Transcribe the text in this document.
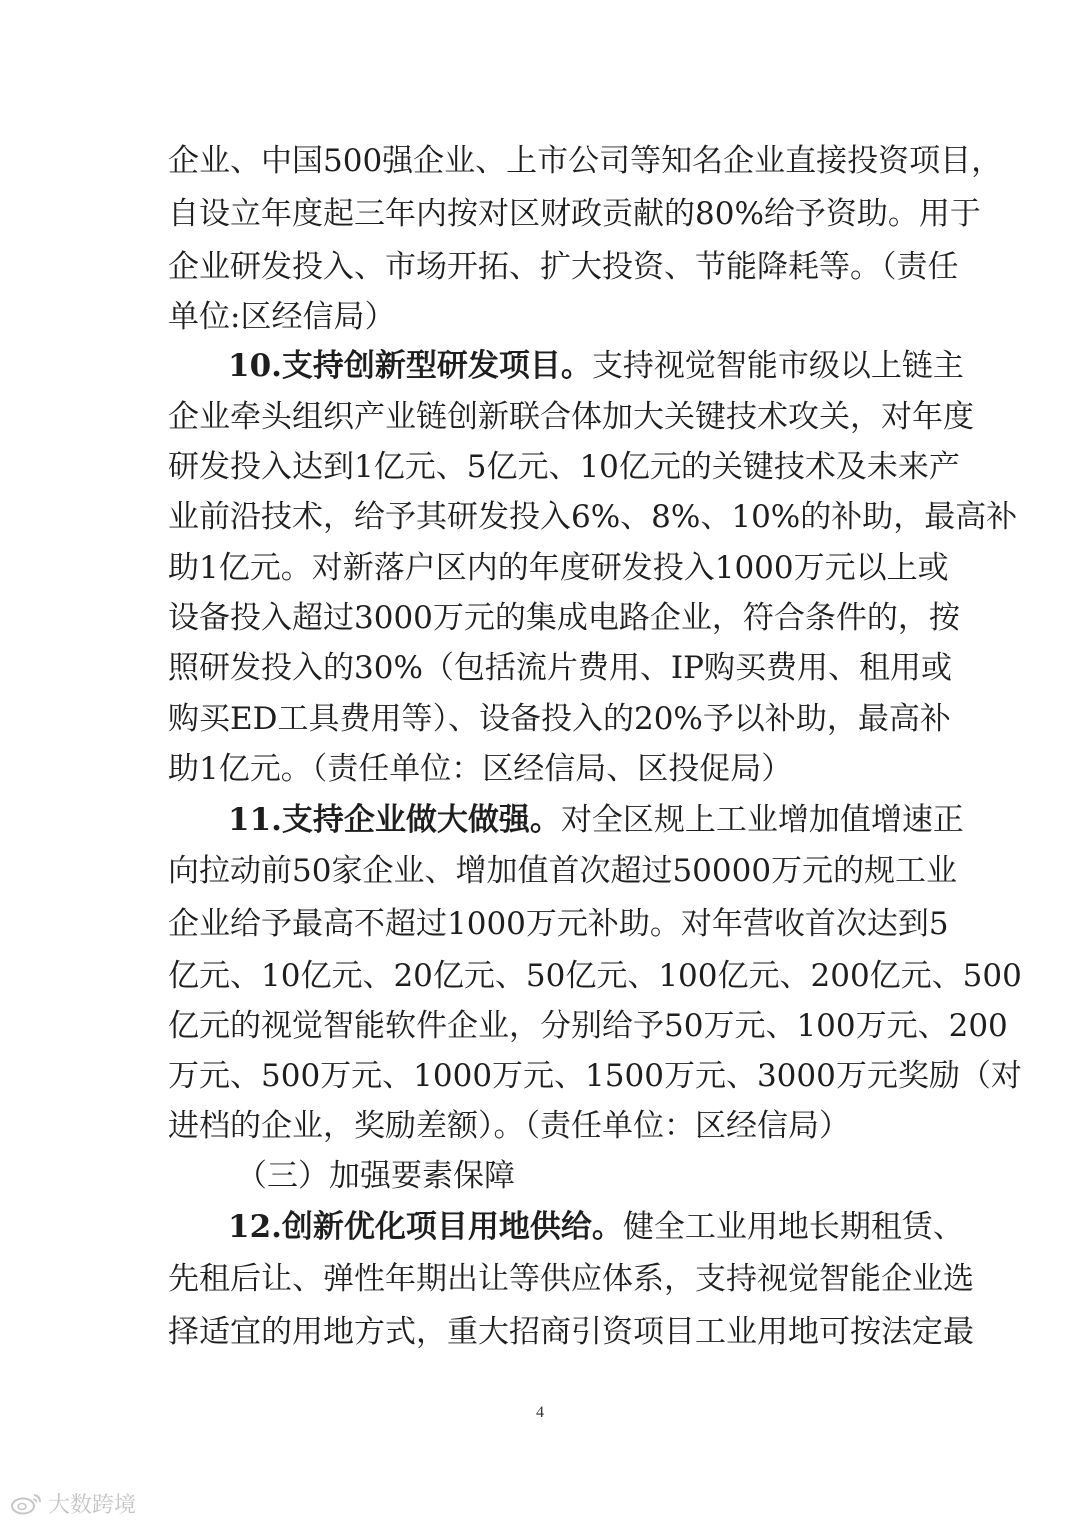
企业、中国500强企业、上市公司等知名企业直接投资项目，
自设立年度起三年内按对区财政贡献的80%给予资助。用于
企业研发投入、市场开拓、扩大投资、节能降耗等。（责任
单位:区经信局）
10.支持创新型研发项目。支持视觉智能市级以上链主
企业牵头组织产业链创新联合体加大关键技术攻关，对年度
研发投入达到1亿元、5亿元、10亿元的关键技术及未来产
业前沿技术，给予其研发投入6%、8%、10%的补助，最高补
助1亿元。对新落户区内的年度研发投入1000万元以上或
设备投入超过3000万元的集成电路企业，符合条件的，按
照研发投入的30%（包括流片费用、IP购买费用、租用或
购买ED工具费用等）、设备投入的20%予以补助，最高补
助1亿元。（责任单位：区经信局、区投促局）
11.支持企业做大做强。对全区规上工业增加值增速正
向拉动前50家企业、增加值首次超过50000万元的规工业
企业给予最高不超过1000万元补助。对年营收首次达到5
亿元、10亿元、20亿元、50亿元、100亿元、200亿元、500
亿元的视觉智能软件企业，分别给予50万元、100万元、200
万元、500万元、1000万元、1500万元、3000万元奖励（对
进档的企业，奖励差额）。（责任单位：区经信局）
（三）加强要素保障
12.创新优化项目用地供给。健全工业用地长期租赁、
先租后让、弹性年期出让等供应体系，支持视觉智能企业选
择适宜的用地方式，重大招商引资项目工业用地可按法定最
4
大数跨境
